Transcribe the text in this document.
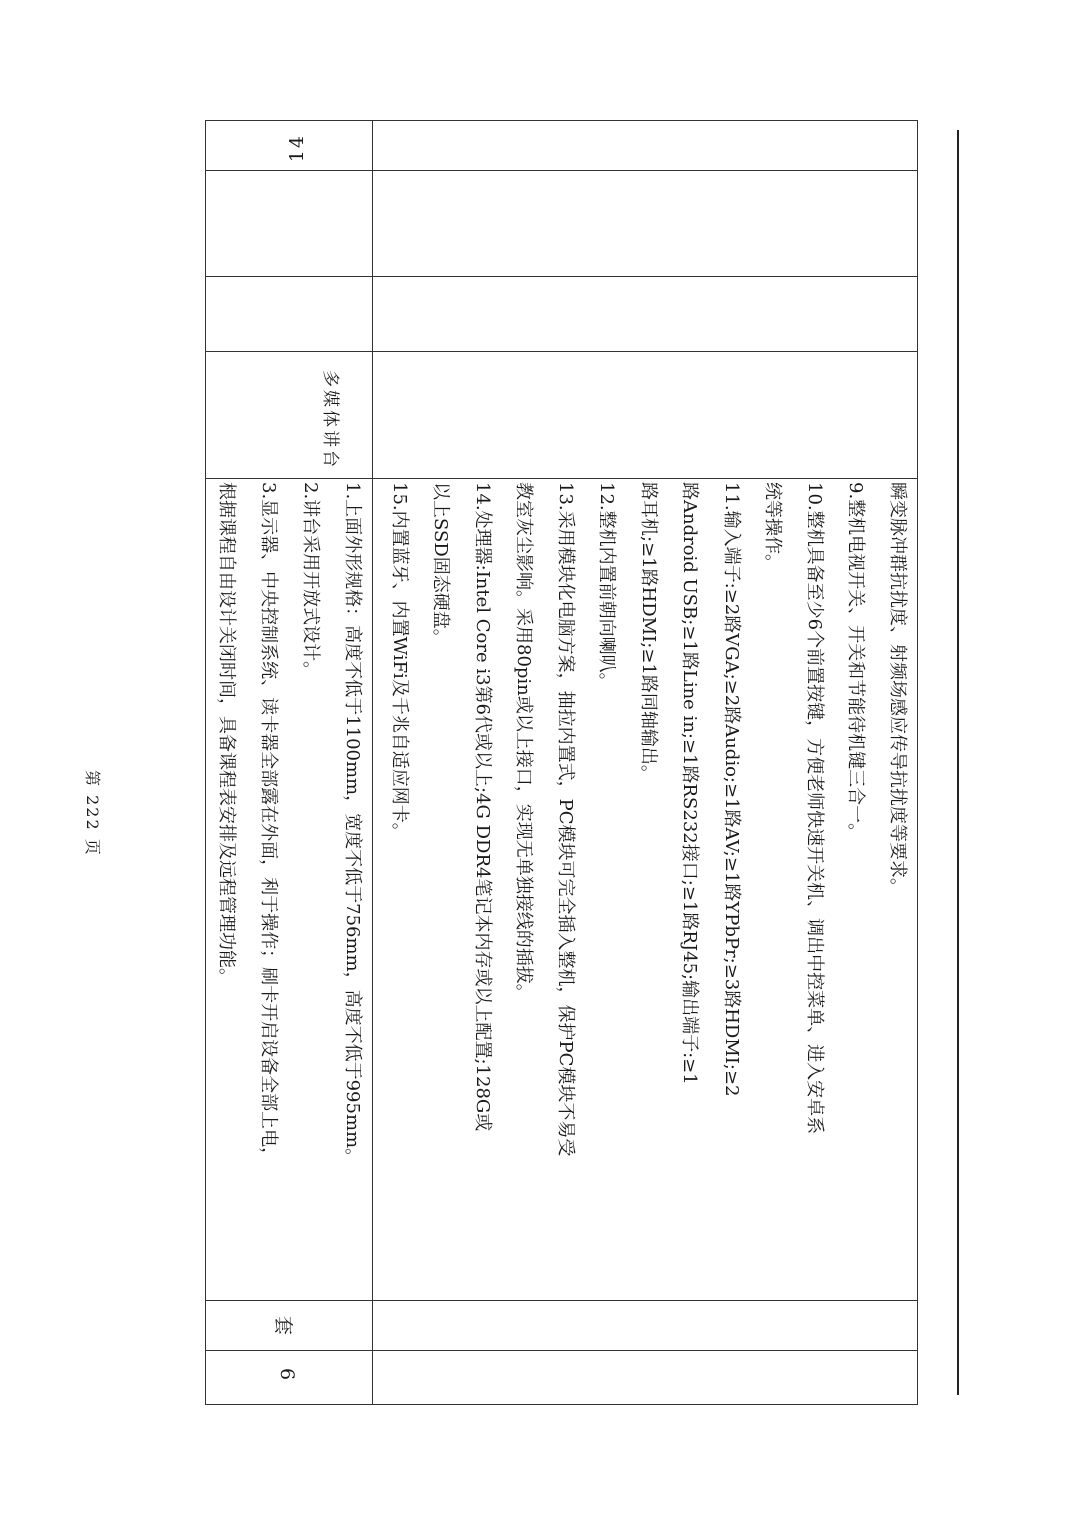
14
多媒体讲台
套
6
瞬变脉冲群抗扰度、射频场感应传导抗扰度等要求。
9.整机电视开关、开关和节能待机键三合一。
10.整机具备至少6个前置按键，方便老师快速开关机、调出中控菜单、进入安卓系
统等操作。
11.输入端子:≥2路VGA;≥2路Audio;≥1路AV;≥1路YPbPr;≥3路HDMI;≥2
路Android USB;≥1路Line in;≥1路RS232接口;≥1路RJ45;输出端子:≥1
路耳机;≥1路HDMI;≥1路同轴输出。
12.整机内置前朝向喇叭。
13.采用模块化电脑方案，抽拉内置式，PC模块可完全插入整机，保护PC模块不易受
教室灰尘影响。采用80pin或以上接口，实现无单独接线的插拔。
14.处理器:Intel Core i3第6代或以上;4G DDR4笔记本内存或以上配置;128G或
以上SSD固态硬盘。
15.内置蓝牙、内置WiFi及千兆自适应网卡。
1.上面外形规格：高度不低于1100mm，宽度不低于756mm，高度不低于995mm。
2.讲台采用开放式设计。
3.显示器、中央控制系统、读卡器全部露在外面，利于操作；刷卡开启设备全部上电，
根据课程自由设计关闭时间，具备课程表安排及远程管理功能。
第 222 页
